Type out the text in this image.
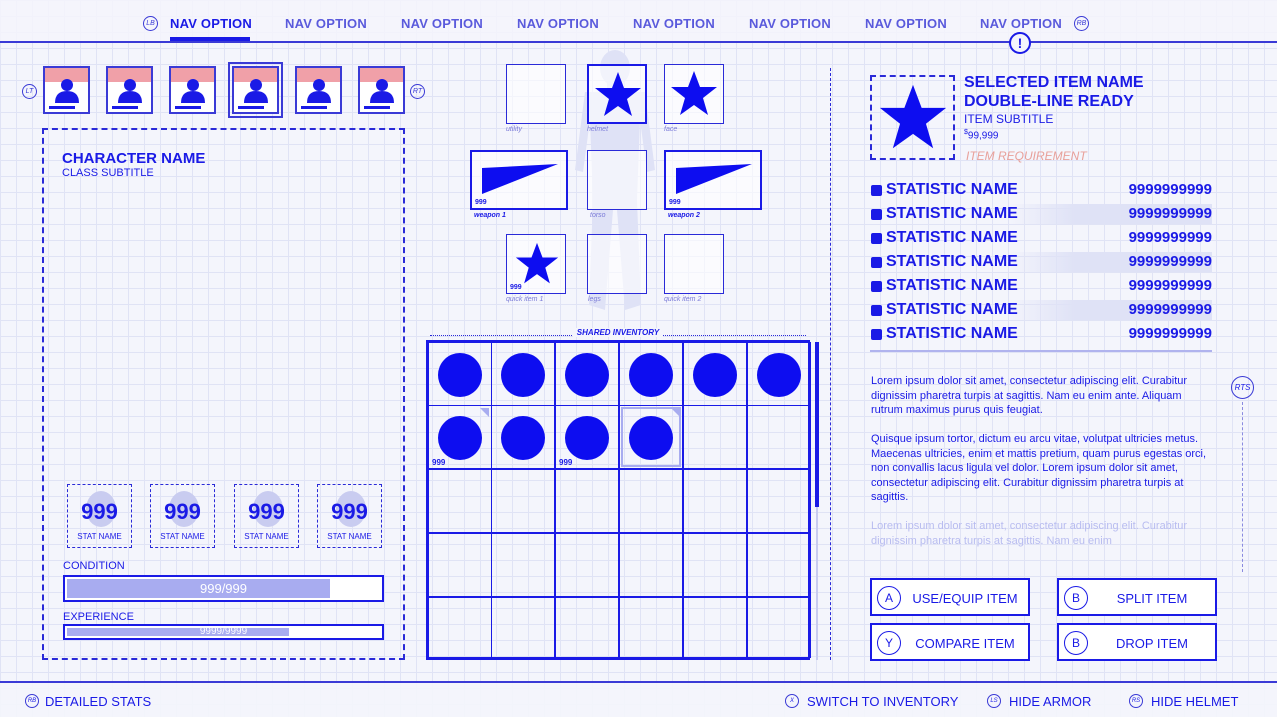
LB NAV OPTION	NAV OPTION	NAV OPTION	NAV OPTION	NAV OPTION	NAV OPTION	NAV OPTION	NAV OPTION	RB
!
LT	RT
CHARACTER NAME
CLASS SUBTITLE
999
STAT NAME
999
STAT NAME
999
STAT NAME
999
STAT NAME
CONDITION
999/999
EXPERIENCE
9999/9999
utility	helmet	face
999
weapon 1	torso
999
weapon 2
999
quick item 1	legs	quick item 2
SHARED INVENTORY
999	999
SELECTED ITEM NAME
DOUBLE-LINE READY
ITEM SUBTITLE
$99,999
ITEM REQUIREMENT
STATISTIC NAME	9999999999
STATISTIC NAME	9999999999
STATISTIC NAME	9999999999
STATISTIC NAME	9999999999
STATISTIC NAME	9999999999
STATISTIC NAME	9999999999
STATISTIC NAME	9999999999

Lorem ipsum dolor sit amet, consectetur adipiscing elit. Curabitur dignissim pharetra turpis at sagittis. Nam eu enim ante. Aliquam rutrum maximus purus quis feugiat.

Quisque ipsum tortor, dictum eu arcu vitae, volutpat ultricies metus. Maecenas ultricies, enim et mattis pretium, quam purus egestas orci, non convallis lacus ligula vel dolor. Lorem ipsum dolor sit amet, consectetur adipiscing elit. Curabitur dignissim pharetra turpis at sagittis.

Lorem ipsum dolor sit amet, consectetur adipiscing elit. Curabitur dignissim pharetra turpis at sagittis. Nam eu enim

RTS
A	USE/EQUIP ITEM	B	SPLIT ITEM
Y	COMPARE ITEM	B	DROP ITEM
RB DETAILED STATS	X	SWITCH TO INVENTORY	LS HIDE ARMOR	RS HIDE HELMET
